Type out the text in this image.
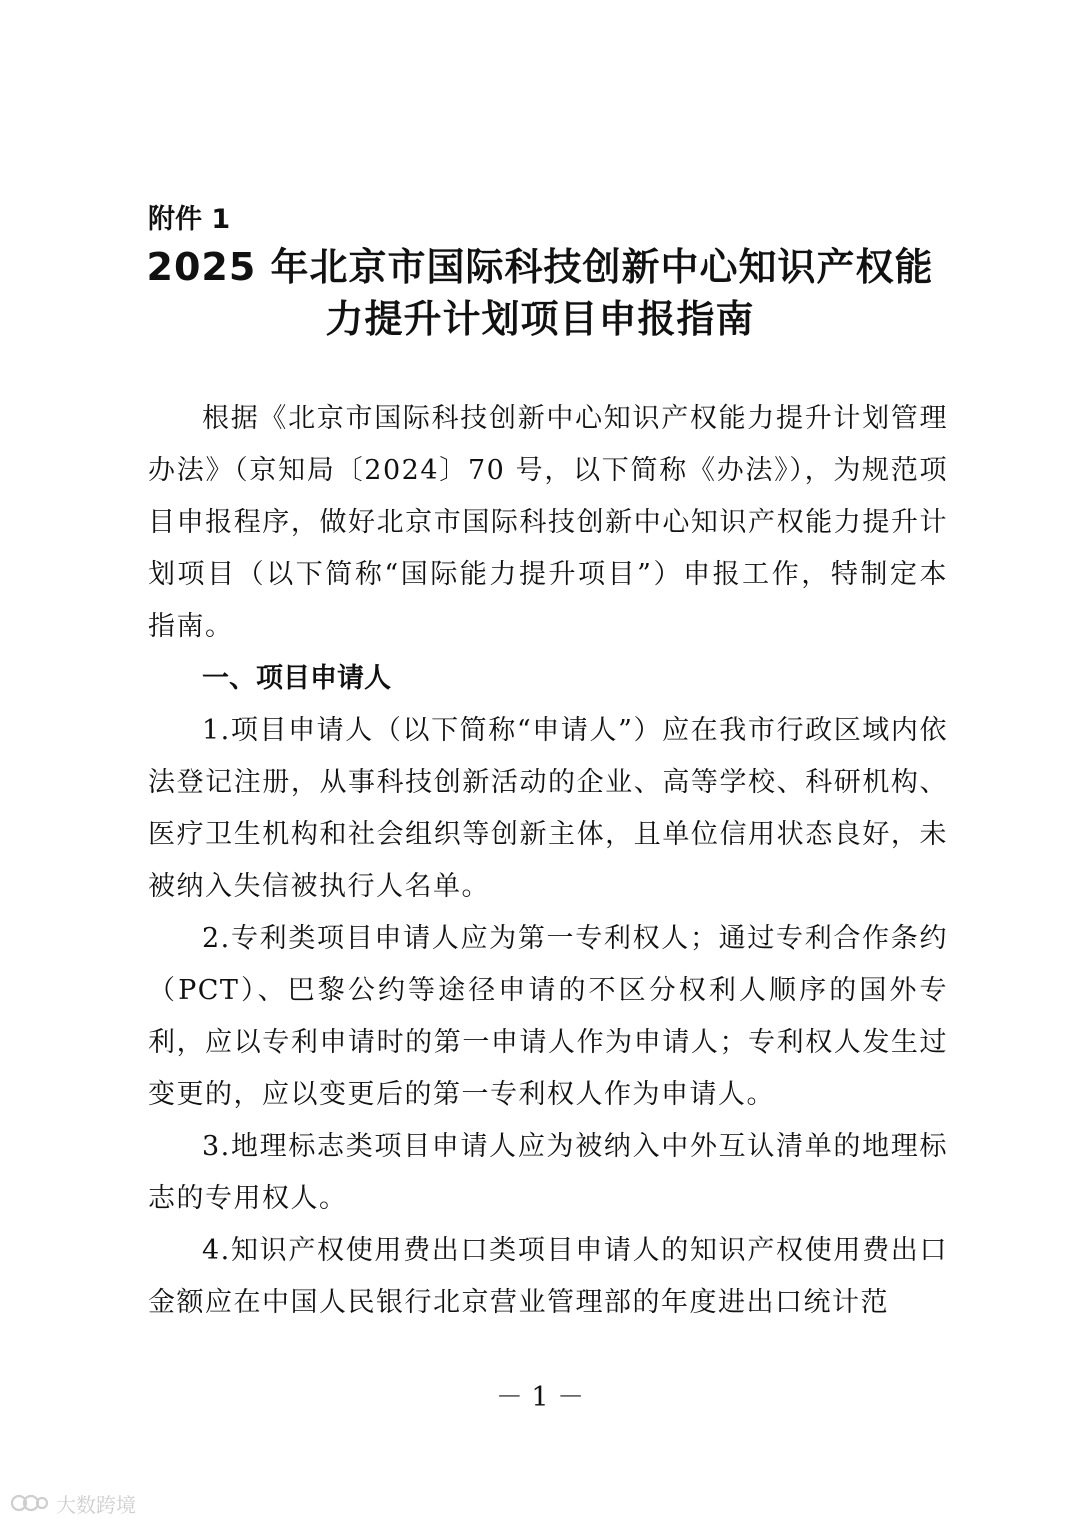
附件 1
2025 年北京市国际科技创新中心知识产权能
力提升计划项目申报指南

根据《北京市国际科技创新中心知识产权能力提升计划管理办法》（京知局〔2024〕70 号，以下简称《办法》），为规范项目申报程序，做好北京市国际科技创新中心知识产权能力提升计划项目（以下简称“国际能力提升项目”）申报工作，特制定本指南。

一、项目申请人

1.项目申请人（以下简称“申请人”）应在我市行政区域内依法登记注册，从事科技创新活动的企业、高等学校、科研机构、医疗卫生机构和社会组织等创新主体，且单位信用状态良好，未被纳入失信被执行人名单。

2.专利类项目申请人应为第一专利权人；通过专利合作条约（PCT）、巴黎公约等途径申请的不区分权利人顺序的国外专利，应以专利申请时的第一申请人作为申请人；专利权人发生过变更的，应以变更后的第一专利权人作为申请人。

3.地理标志类项目申请人应为被纳入中外互认清单的地理标志的专用权人。

4.知识产权使用费出口类项目申请人的知识产权使用费出口金额应在中国人民银行北京营业管理部的年度进出口统计范

－ 1 －
大数跨境
